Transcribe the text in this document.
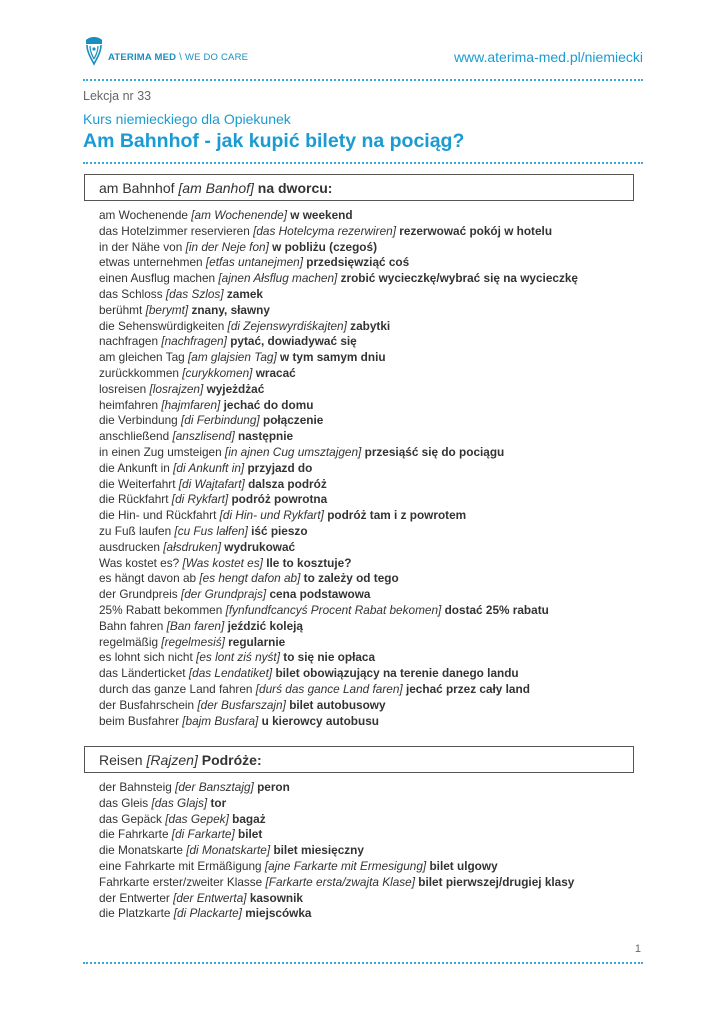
ATERIMA MED \ WE DO CARE	www.aterima-med.pl/niemiecki
Lekcja nr 33
Kurs niemieckiego dla Opiekunek
Am Bahnhof - jak kupić bilety na pociąg?
am Bahnhof [am Banhof] na dworcu:
am Wochenende [am Wochenende] w weekend
das Hotelzimmer reservieren [das Hotelcyma rezerwiren] rezerwować pokój w hotelu
in der Nähe von [in der Neje fon] w pobliżu (czegoś)
etwas unternehmen [etfas untanejmen] przedsięwziąć coś
einen Ausflug machen [ajnen Ałsflug machen] zrobić wycieczkę/wybrać się na wycieczkę
das Schloss [das Szlos] zamek
berühmt [berymt] znany, sławny
die Sehenswürdigkeiten [di Zejenswyrdiśkajten] zabytki
nachfragen [nachfragen] pytać, dowiadywać się
am gleichen Tag [am glajsien Tag] w tym samym dniu
zurückkommen [curykkomen] wracać
losreisen [losrajzen] wyjeżdżać
heimfahren [hajmfaren] jechać do domu
die Verbindung [di Ferbindung] połączenie
anschließend [anszlisend] następnie
in einen Zug umsteigen [in ajnen Cug umsztajgen] przesiąść się do pociągu
die Ankunft in [di Ankunft in] przyjazd do
die Weiterfahrt [di Wajtafart] dalsza podróż
die Rückfahrt [di Rykfart] podróż powrotna
die Hin- und Rückfahrt [di Hin- und Rykfart] podróż tam i z powrotem
zu Fuß laufen [cu Fus lałfen] iść pieszo
ausdrucken [ałsdruken] wydrukować
Was kostet es? [Was kostet es] Ile to kosztuje?
es hängt davon ab [es hengt dafon ab] to zależy od tego
der Grundpreis [der Grundprajs] cena podstawowa
25% Rabatt bekommen [fynfundfcancyś Procent Rabat bekomen] dostać 25% rabatu
Bahn fahren [Ban faren] jeździć koleją
regelmäßig [regelmesiś] regularnie
es lohnt sich nicht [es lont ziś nyśt] to się nie opłaca
das Länderticket [das Lendatiket] bilet obowiązujący na terenie danego landu
durch das ganze Land fahren [durś das gance Land faren] jechać przez cały land
der Busfahrschein [der Busfarszajn] bilet autobusowy
beim Busfahrer [bajm Busfara] u kierowcy autobusu
Reisen [Rajzen] Podróże:
der Bahnsteig [der Bansztajg] peron
das Gleis [das Glajs] tor
das Gepäck [das Gepek] bagaż
die Fahrkarte [di Farkarte] bilet
die Monatskarte [di Monatskarte] bilet miesięczny
eine Fahrkarte mit Ermäßigung [ajne Farkarte mit Ermesigung] bilet ulgowy
Fahrkarte erster/zweiter Klasse [Farkarte ersta/zwajta Klase] bilet pierwszej/drugiej klasy
der Entwerter [der Entwerta] kasownik
die Platzkarte [di Plackarte] miejscówka
1
